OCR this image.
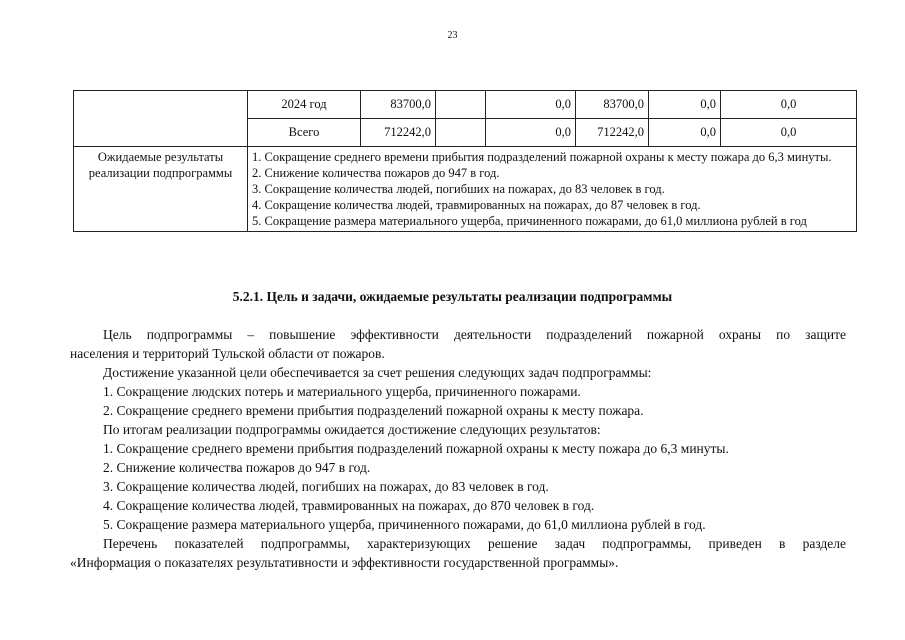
23
	2024 год	83700,0		0,0	83700,0	0,0	0,0
	Всего	712242,0		0,0	712242,0	0,0	0,0
Ожидаемые результаты реализации подпрограммы	1. Сокращение среднего времени прибытия подразделений пожарной охраны к месту пожара до 6,3 минуты.
2. Снижение количества пожаров до 947 в год.
3. Сокращение количества людей, погибших на пожарах, до 83 человек в год.
4. Сокращение количества людей, травмированных на пожарах, до 87 человек в год.
5. Сокращение размера материального ущерба, причиненного пожарами, до 61,0 миллиона рублей в год						
5.2.1. Цель и задачи, ожидаемые результаты реализации подпрограммы

Цель подпрограммы – повышение эффективности деятельности подразделений пожарной охраны по защите

населения и территорий Тульской области от пожаров.

Достижение указанной цели обеспечивается за счет решения следующих задач подпрограммы:

1. Сокращение людских потерь и материального ущерба, причиненного пожарами.

2. Сокращение среднего времени прибытия подразделений пожарной охраны к месту пожара.

По итогам реализации подпрограммы ожидается достижение следующих результатов:

1. Сокращение среднего времени прибытия подразделений пожарной охраны к месту пожара до 6,3 минуты.

2. Снижение количества пожаров до 947 в год.

3. Сокращение количества людей, погибших на пожарах, до 83 человек в год.

4. Сокращение количества людей, травмированных на пожарах, до 870 человек в год.

5. Сокращение размера материального ущерба, причиненного пожарами, до 61,0 миллиона рублей в год.

Перечень показателей подпрограммы, характеризующих решение задач подпрограммы, приведен в разделе

«Информация о показателях результативности и эффективности государственной программы».
